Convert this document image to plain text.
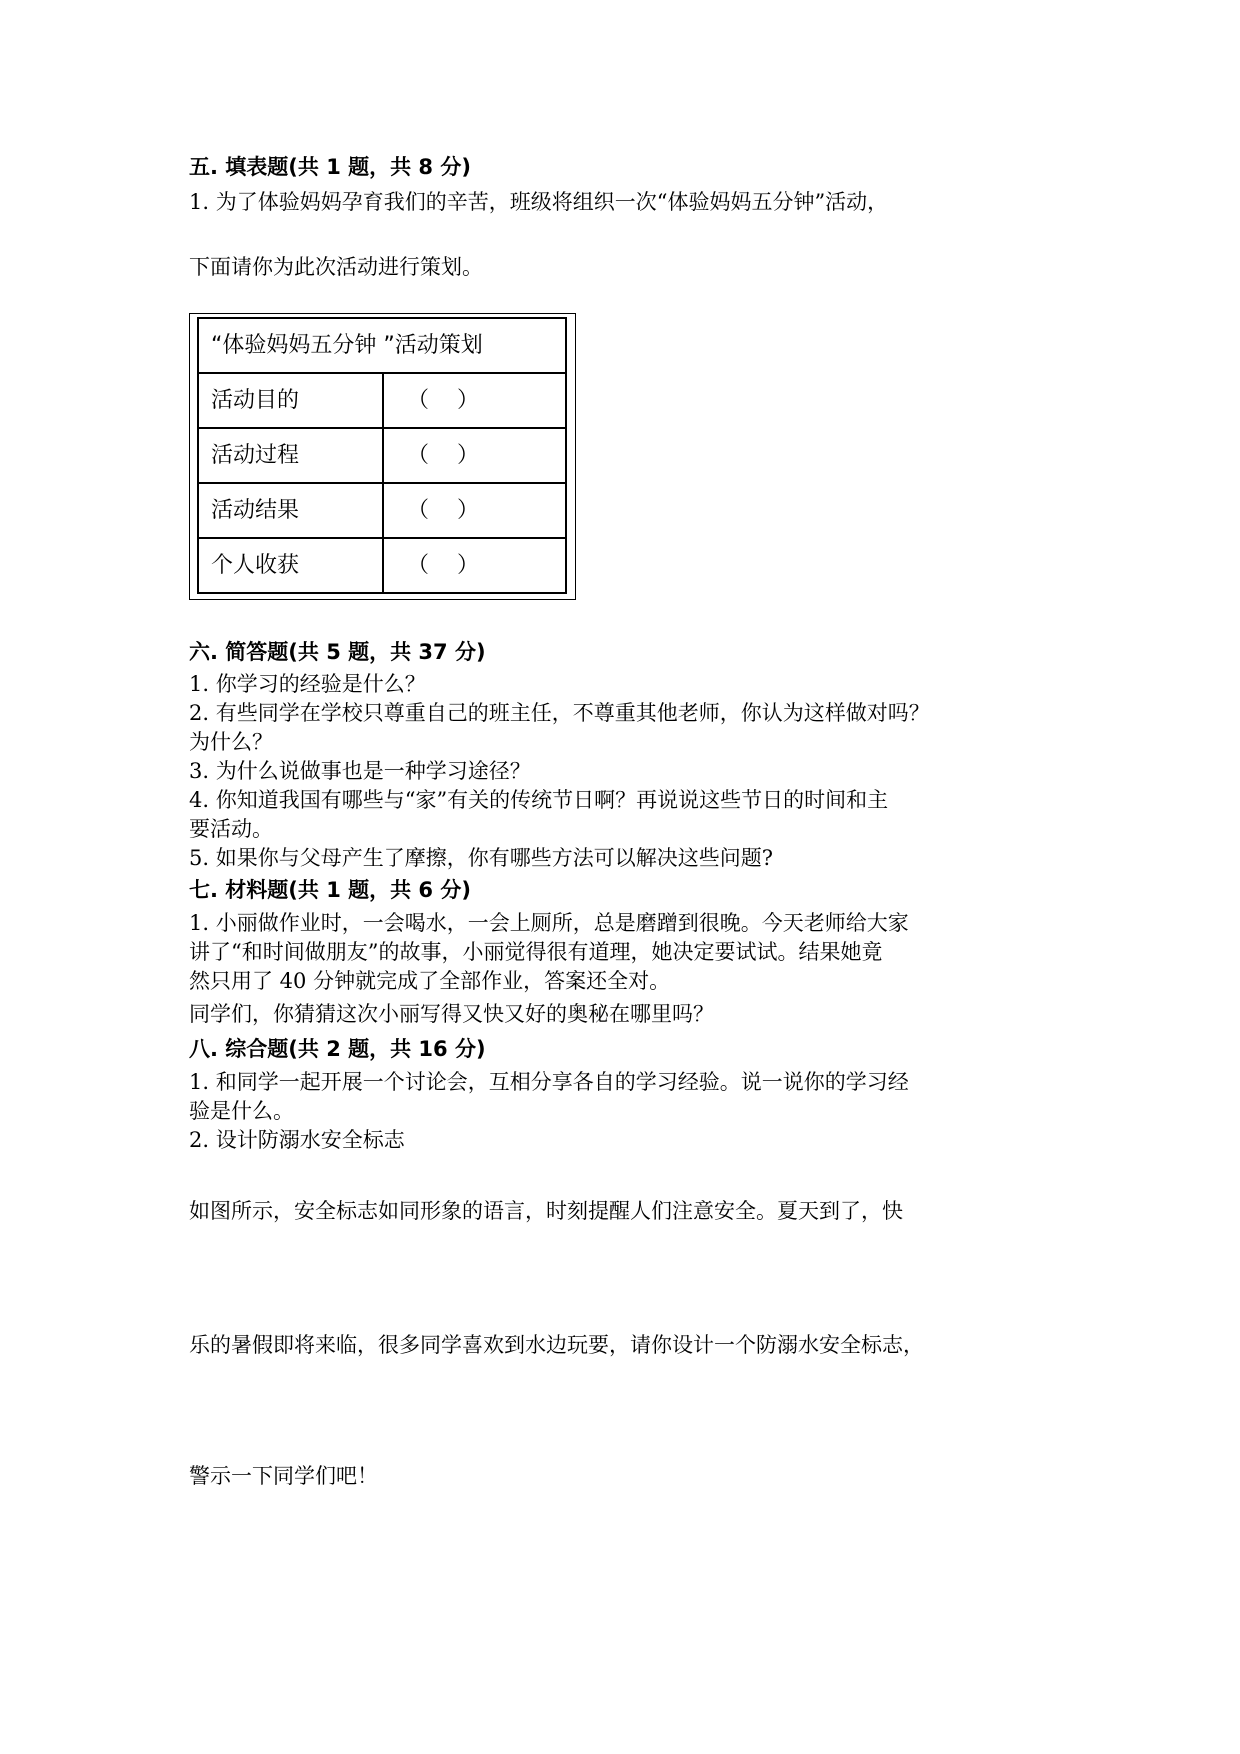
五. 填表题(共 1 题，共 8 分)
1. 为了体验妈妈孕育我们的辛苦，班级将组织一次“体验妈妈五分钟”活动，
下面请你为此次活动进行策划。
“体验妈妈五分钟 ”活动策划
活动目的	（    ）
活动过程	（    ）
活动结果	（    ）
个人收获	（    ）
六. 简答题(共 5 题，共 37 分)
1. 你学习的经验是什么？
2. 有些同学在学校只尊重自己的班主任，不尊重其他老师，你认为这样做对吗？
为什么？
3. 为什么说做事也是一种学习途径？
4. 你知道我国有哪些与“家”有关的传统节日啊？再说说这些节日的时间和主
要活动。
5. 如果你与父母产生了摩擦，你有哪些方法可以解决这些问题?
七. 材料题(共 1 题，共 6 分)
1. 小丽做作业时，一会喝水，一会上厕所，总是磨蹭到很晚。今天老师给大家
讲了“和时间做朋友”的故事，小丽觉得很有道理，她决定要试试。结果她竟
然只用了 40 分钟就完成了全部作业，答案还全对。
同学们，你猜猜这次小丽写得又快又好的奥秘在哪里吗？
八. 综合题(共 2 题，共 16 分)
1. 和同学一起开展一个讨论会，互相分享各自的学习经验。说一说你的学习经
验是什么。
2. 设计防溺水安全标志
如图所示，安全标志如同形象的语言，时刻提醒人们注意安全。夏天到了，快
乐的暑假即将来临，很多同学喜欢到水边玩要，请你设计一个防溺水安全标志，
警示一下同学们吧！
